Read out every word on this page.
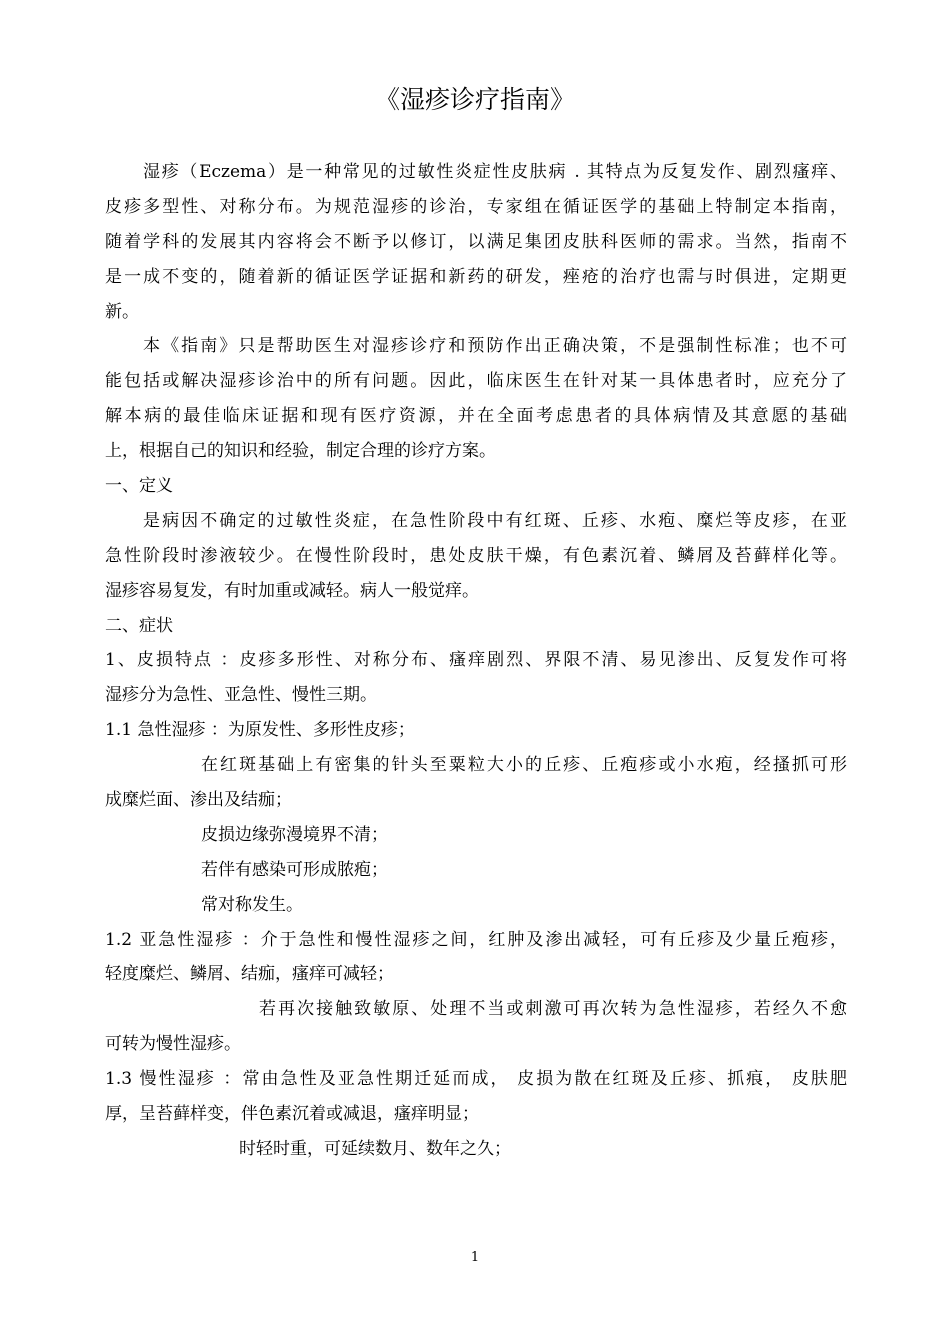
《湿疹诊疗指南》

湿疹（Eczema）是一种常见的过敏性炎症性皮肤病 . 其特点为反复发作、剧烈瘙痒、

皮疹多型性、对称分布。为规范湿疹的诊治，专家组在循证医学的基础上特制定本指南，

随着学科的发展其内容将会不断予以修订，以满足集团皮肤科医师的需求。当然，指南不

是一成不变的，随着新的循证医学证据和新药的研发，痤疮的治疗也需与时俱进，定期更

新。

本《指南》只是帮助医生对湿疹诊疗和预防作出正确决策，不是强制性标准；也不可

能包括或解决湿疹诊治中的所有问题。因此，临床医生在针对某一具体患者时，应充分了

解本病的最佳临床证据和现有医疗资源，并在全面考虑患者的具体病情及其意愿的基础

上，根据自己的知识和经验，制定合理的诊疗方案。

一、定义

是病因不确定的过敏性炎症，在急性阶段中有红斑、丘疹、水疱、糜烂等皮疹，在亚

急性阶段时渗液较少。在慢性阶段时，患处皮肤干燥，有色素沉着、鳞屑及苔藓样化等。

湿疹容易复发，有时加重或减轻。病人一般觉痒。

二、症状

1、皮损特点 ：皮疹多形性、对称分布、瘙痒剧烈、界限不清、易见渗出、反复发作可将

湿疹分为急性、亚急性、慢性三期。

1.1 急性湿疹 ：为原发性、多形性皮疹；

在红斑基础上有密集的针头至粟粒大小的丘疹、丘疱疹或小水疱，经搔抓可形

成糜烂面、渗出及结痂；

皮损边缘弥漫境界不清；

若伴有感染可形成脓疱；

常对称发生。

1.2 亚急性湿疹 ：介于急性和慢性湿疹之间，红肿及渗出减轻，可有丘疹及少量丘疱疹，

轻度糜烂、鳞屑、结痂，瘙痒可减轻；

若再次接触致敏原、处理不当或刺激可再次转为急性湿疹，若经久不愈

可转为慢性湿疹。

1.3 慢性湿疹 ：常由急性及亚急性期迁延而成， 皮损为散在红斑及丘疹、抓痕， 皮肤肥

厚，呈苔藓样变，伴色素沉着或减退，瘙痒明显；

时轻时重，可延续数月、数年之久；

1
